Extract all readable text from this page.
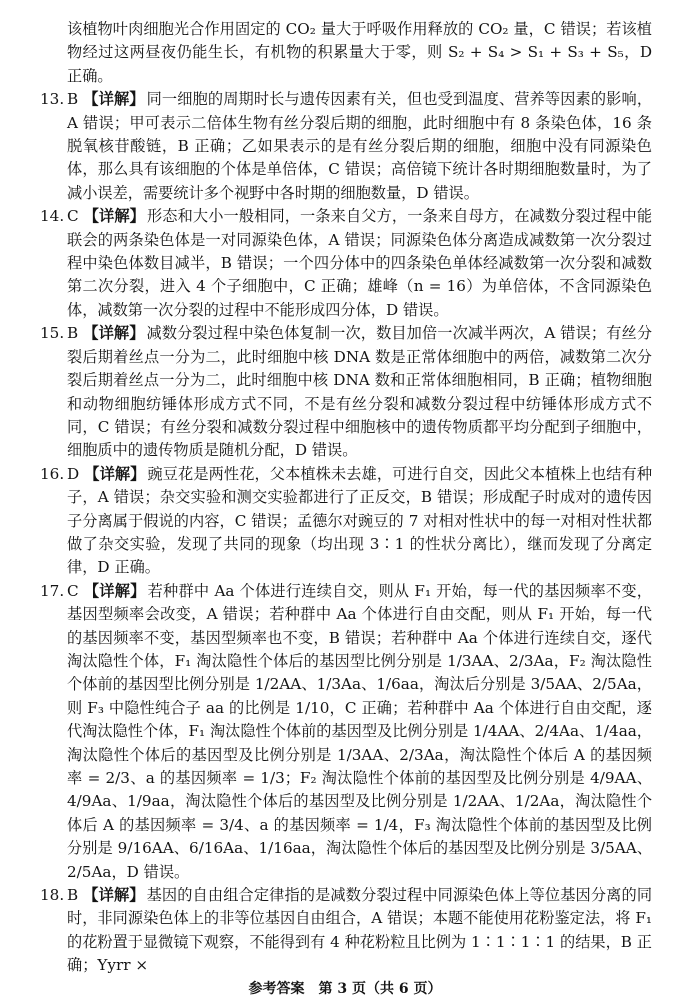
该植物叶肉细胞光合作用固定的 CO₂ 量大于呼吸作用释放的 CO₂ 量，C 错误；若该植物经过这两昼夜仍能生长，有机物的积累量大于零，则 S₂ + S₄ > S₁ + S₃ + S₅，D 正确。
13. B 【详解】 同一细胞的周期时长与遗传因素有关，但也受到温度、营养等因素的影响，A 错误；甲可表示二倍体生物有丝分裂后期的细胞，此时细胞中有 8 条染色体，16 条脱氧核苷酸链，B 正确；乙如果表示的是有丝分裂后期的细胞，细胞中没有同源染色体，那么具有该细胞的个体是单倍体，C 错误；高倍镜下统计各时期细胞数量时，为了减小误差，需要统计多个视野中各时期的细胞数量，D 错误。
14. C 【详解】 形态和大小一般相同，一条来自父方，一条来自母方，在减数分裂过程中能联会的两条染色体是一对同源染色体，A 错误；同源染色体分离造成减数第一次分裂过程中染色体数目减半，B 错误；一个四分体中的四条染色单体经减数第一次分裂和减数第二次分裂，进入 4 个子细胞中，C 正确；雄峰（n = 16）为单倍体，不含同源染色体，减数第一次分裂的过程中不能形成四分体，D 错误。
15. B 【详解】 减数分裂过程中染色体复制一次，数目加倍一次减半两次，A 错误；有丝分裂后期着丝点一分为二，此时细胞中核 DNA 数是正常体细胞中的两倍，减数第二次分裂后期着丝点一分为二，此时细胞中核 DNA 数和正常体细胞相同，B 正确；植物细胞和动物细胞纺锤体形成方式不同，不是有丝分裂和减数分裂过程中纺锤体形成方式不同，C 错误；有丝分裂和减数分裂过程中细胞核中的遗传物质都平均分配到子细胞中，细胞质中的遗传物质是随机分配，D 错误。
16. D 【详解】 豌豆花是两性花，父本植株未去雄，可进行自交，因此父本植株上也结有种子，A 错误；杂交实验和测交实验都进行了正反交，B 错误；形成配子时成对的遗传因子分离属于假说的内容，C 错误；孟德尔对豌豆的 7 对相对性状中的每一对相对性状都做了杂交实验，发现了共同的现象（均出现 3∶1 的性状分离比），继而发现了分离定律，D 正确。
17. C 【详解】 若种群中 Aa 个体进行连续自交，则从 F₁ 开始，每一代的基因频率不变，基因型频率会改变，A 错误；若种群中 Aa 个体进行自由交配，则从 F₁ 开始，每一代的基因频率不变，基因型频率也不变，B 错误；若种群中 Aa 个体进行连续自交，逐代淘汰隐性个体，F₁ 淘汰隐性个体后的基因型比例分别是 1/3AA、2/3Aa，F₂ 淘汰隐性个体前的基因型比例分别是 1/2AA、1/3Aa、1/6aa，淘汰后分别是 3/5AA、2/5Aa，则 F₃ 中隐性纯合子 aa 的比例是 1/10，C 正确；若种群中 Aa 个体进行自由交配，逐代淘汰隐性个体，F₁ 淘汰隐性个体前的基因型及比例分别是 1/4AA、2/4Aa、1/4aa，淘汰隐性个体后的基因型及比例分别是 1/3AA、2/3Aa，淘汰隐性个体后 A 的基因频率 = 2/3、a 的基因频率 = 1/3；F₂ 淘汰隐性个体前的基因型及比例分别是 4/9AA、4/9Aa、1/9aa，淘汰隐性个体后的基因型及比例分别是 1/2AA、1/2Aa，淘汰隐性个体后 A 的基因频率 = 3/4、a 的基因频率 = 1/4，F₃ 淘汰隐性个体前的基因型及比例分别是 9/16AA、6/16Aa、1/16aa，淘汰隐性个体后的基因型及比例分别是 3/5AA、2/5Aa，D 错误。
18. B 【详解】 基因的自由组合定律指的是减数分裂过程中同源染色体上等位基因分离的同时，非同源染色体上的非等位基因自由组合，A 错误；本题不能使用花粉鉴定法，将 F₁ 的花粉置于显微镜下观察，不能得到有 4 种花粉粒且比例为 1∶1∶1∶1 的结果，B 正确；Yyrr ×
参考答案　第 3 页（共 6 页）
